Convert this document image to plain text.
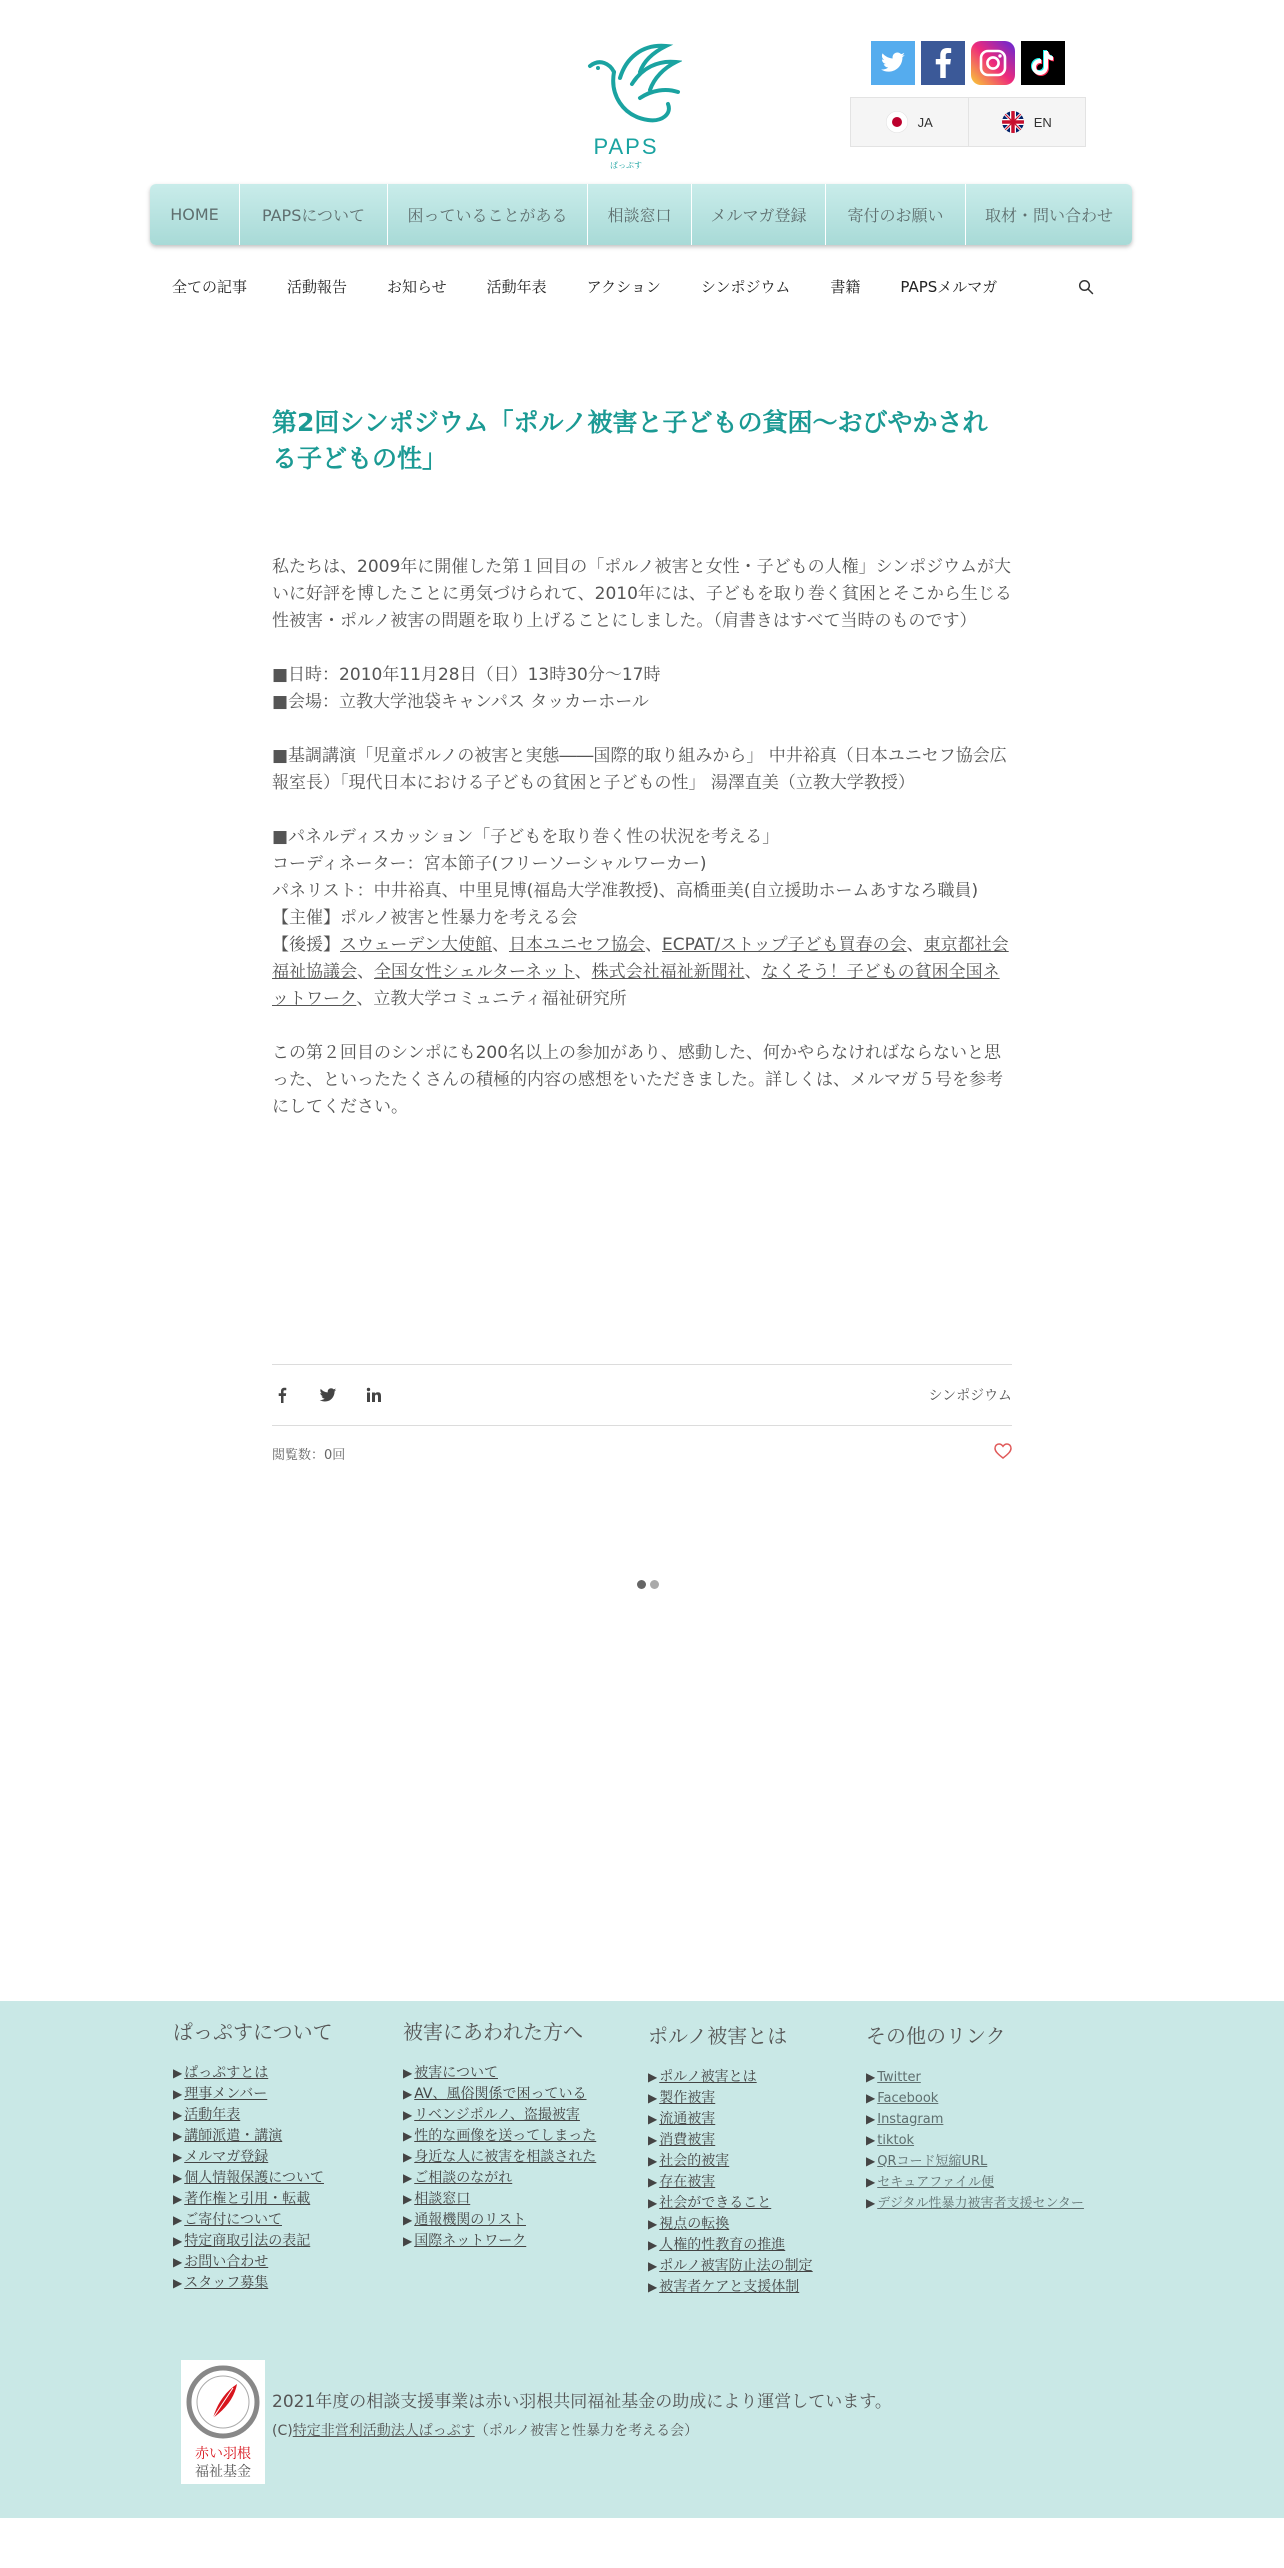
PAPS
ぱっぷす
JA	EN
HOME	PAPSについて	困っていることがある	相談窓口	メルマガ登録	寄付のお願い	取材・問い合わせ
全ての記事	活動報告	お知らせ	活動年表	アクション	シンポジウム	書籍	PAPSメルマガ
第2回シンポジウム「ポルノ被害と子どもの貧困～おびやかされる子どもの性」

私たちは、2009年に開催した第１回目の「ポルノ被害と女性・子どもの人権」シンポジウムが大いに好評を博したことに勇気づけられて、2010年には、子どもを取り巻く貧困とそこから生じる性被害・ポルノ被害の問題を取り上げることにしました。（肩書きはすべて当時のものです）

■日時：2010年11月28日（日）13時30分～17時

■会場：立教大学池袋キャンパス タッカーホール

■基調講演「児童ポルノの被害と実態――国際的取り組みから」 中井裕真（日本ユニセフ協会広報室長）「現代日本における子どもの貧困と子どもの性」 湯澤直美（立教大学教授）

■パネルディスカッション「子どもを取り巻く性の状況を考える」

コーディネーター：宮本節子(フリーソーシャルワーカー)

パネリスト：中井裕真、中里見博(福島大学准教授)、高橋亜美(自立援助ホームあすなろ職員)

【主催】ポルノ被害と性暴力を考える会

【後援】スウェーデン大使館、日本ユニセフ協会、ECPAT/ストップ子ども買春の会、東京都社会福祉協議会、全国女性シェルターネット、株式会社福祉新聞社、なくそう！子どもの貧困全国ネットワーク、立教大学コミュニティ福祉研究所

この第２回目のシンポにも200名以上の参加があり、感動した、何かやらなければならないと思った、といったたくさんの積極的内容の感想をいただきました。詳しくは、メルマガ５号を参考にしてください。

シンポジウム
閲覧数：0回
ぱっぷすについて
▶ ぱっぷすとは
▶ 理事メンバー
▶ 活動年表
▶ 講師派遣・講演
▶ メルマガ登録
▶ 個人情報保護について
▶ 著作権と引用・転載
▶ ご寄付について
▶ 特定商取引法の表記
▶ お問い合わせ
▶ スタッフ募集
被害にあわれた方へ
▶ 被害について
▶ AV、風俗関係で困っている
▶ リベンジポルノ、盗撮被害
▶ 性的な画像を送ってしまった
▶ 身近な人に被害を相談された
▶ ご相談のながれ
▶ 相談窓口
▶ 通報機関のリスト
▶ 国際ネットワーク
ポルノ被害とは
▶ ポルノ被害とは
▶ 製作被害
▶ 流通被害
▶ 消費被害
▶ 社会的被害
▶ 存在被害
▶ 社会ができること
▶ 視点の転換
▶ 人権的性教育の推進
▶ ポルノ被害防止法の制定
▶ 被害者ケアと支援体制
その他のリンク
▶ Twitter
▶ Facebook
▶ Instagram
▶ tiktok
▶ QRコード短縮URL
▶ セキュアファイル便
▶ デジタル性暴力被害者支援センター
赤い羽根
福祉基金
2021年度の相談支援事業は赤い羽根共同福祉基金の助成により運営しています。
(C)特定非営利活動法人ぱっぷす（ポルノ被害と性暴力を考える会）
